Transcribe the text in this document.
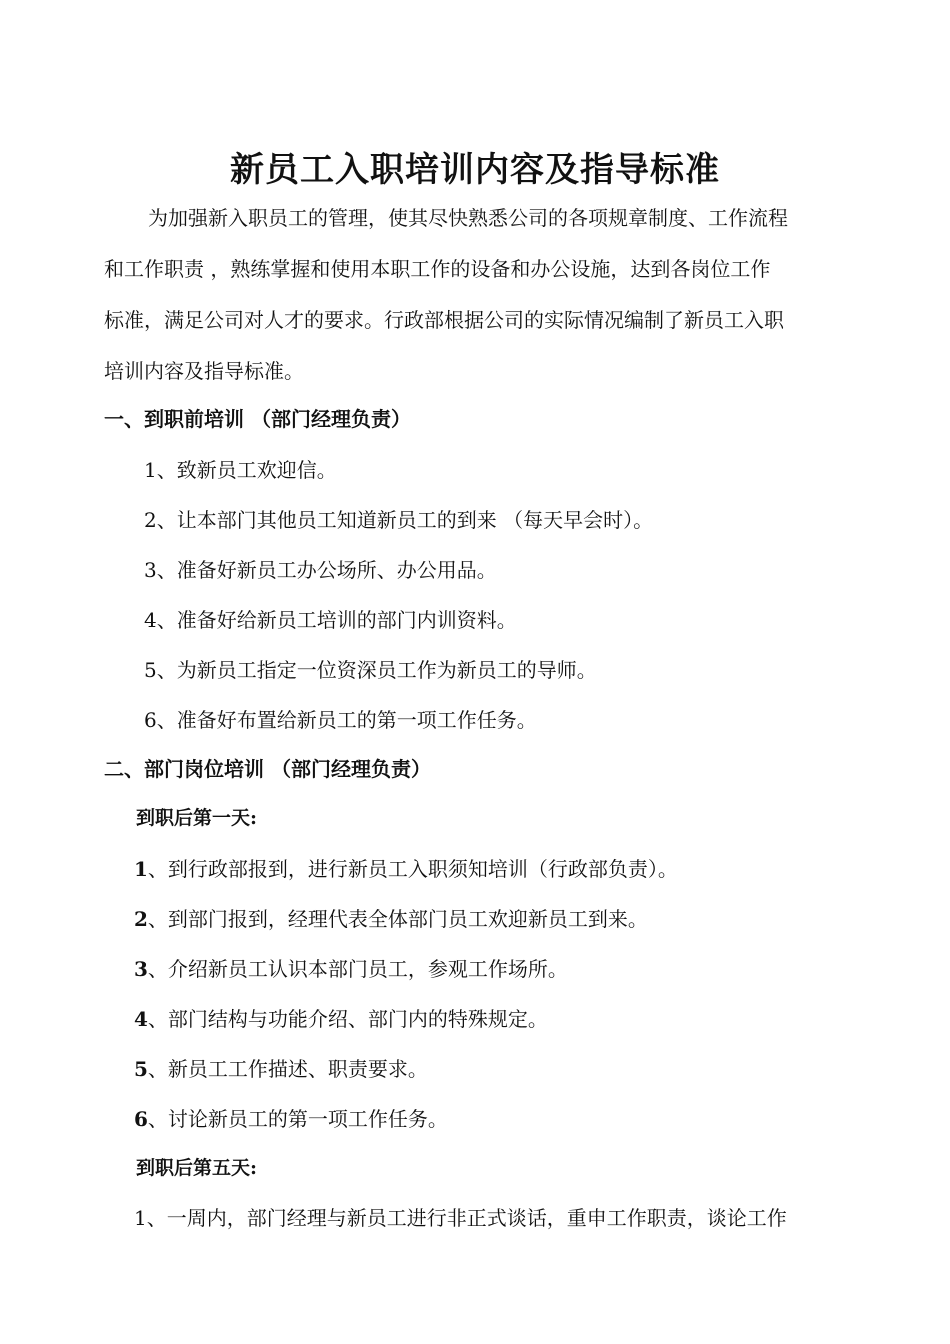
新员工入职培训内容及指导标准
为加强新入职员工的管理，使其尽快熟悉公司的各项规章制度、工作流程
和工作职责 ，熟练掌握和使用本职工作的设备和办公设施，达到各岗位工作
标准，满足公司对人才的要求。行政部根据公司的实际情况编制了新员工入职
培训内容及指导标准。
一、到职前培训 （部门经理负责）
1、致新员工欢迎信。
2、让本部门其他员工知道新员工的到来 （每天早会时）。
3、准备好新员工办公场所、办公用品。
4、准备好给新员工培训的部门内训资料。
5、为新员工指定一位资深员工作为新员工的导师。
6、准备好布置给新员工的第一项工作任务。
二、部门岗位培训 （部门经理负责）
到职后第一天:
1、到行政部报到，进行新员工入职须知培训（行政部负责）。
2、到部门报到，经理代表全体部门员工欢迎新员工到来。
3、介绍新员工认识本部门员工，参观工作场所。
4、部门结构与功能介绍、部门内的特殊规定。
5、新员工工作描述、职责要求。
6、讨论新员工的第一项工作任务。
到职后第五天:
1、一周内，部门经理与新员工进行非正式谈话，重申工作职责，谈论工作
